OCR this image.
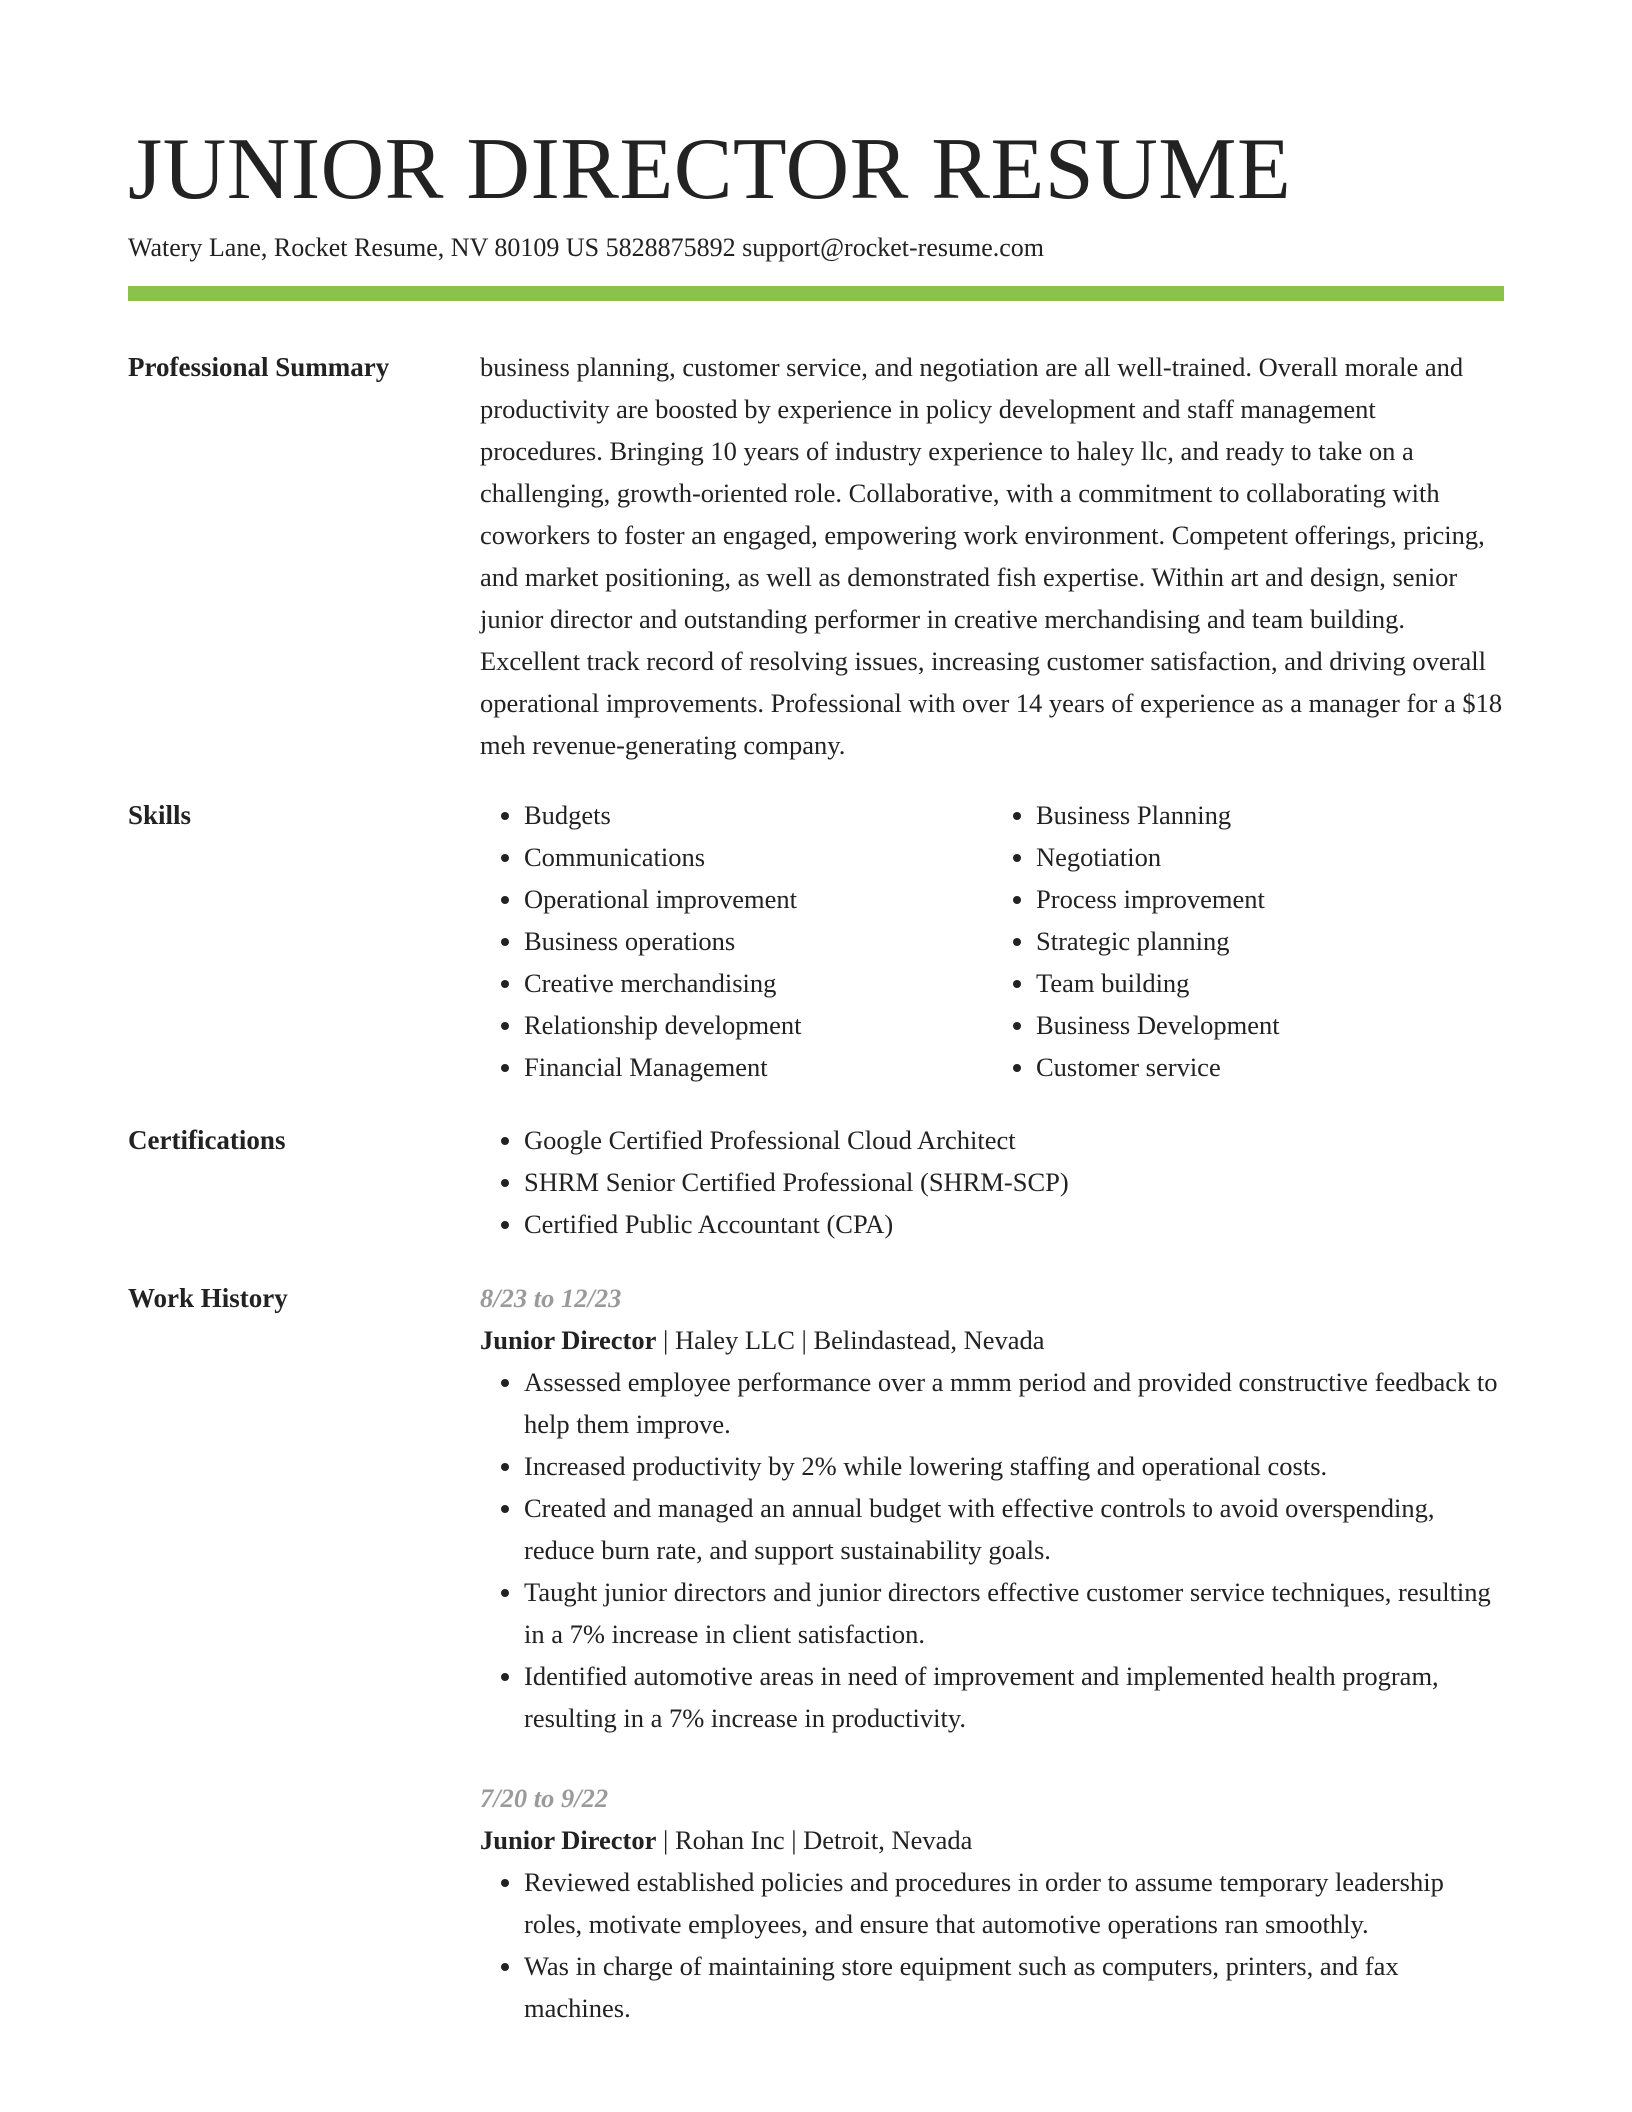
JUNIOR DIRECTOR RESUME
Watery Lane, Rocket Resume, NV 80109 US 5828875892 support@rocket-resume.com
Professional Summary	business planning, customer service, and negotiation are all well-trained. Overall morale and productivity are boosted by experience in policy development and staff management procedures. Bringing 10 years of industry experience to haley llc, and ready to take on a challenging, growth-oriented role. Collaborative, with a commitment to collaborating with coworkers to foster an engaged, empowering work environment. Competent offerings, pricing, and market positioning, as well as demonstrated fish expertise. Within art and design, senior junior director and outstanding performer in creative merchandising and team building. Excellent track record of resolving issues, increasing customer satisfaction, and driving overall operational improvements. Professional with over 14 years of experience as a manager for a $18 meh revenue-generating company.

Skills	• Budgets
• Communications
• Operational improvement
• Business operations
• Creative merchandising
• Relationship development
• Financial Management
• Business Planning
• Negotiation
• Process improvement
• Strategic planning
• Team building
• Business Development
• Customer service
Certifications	• Google Certified Professional Cloud Architect
• SHRM Senior Certified Professional (SHRM-SCP)
• Certified Public Accountant (CPA)
Work History	8/23 to 12/23
Junior Director | Haley LLC | Belindastead, Nevada
• Assessed employee performance over a mmm period and provided constructive feedback to help them improve.
• Increased productivity by 2% while lowering staffing and operational costs.
• Created and managed an annual budget with effective controls to avoid overspending, reduce burn rate, and support sustainability goals.
• Taught junior directors and junior directors effective customer service techniques, resulting in a 7% increase in client satisfaction.
• Identified automotive areas in need of improvement and implemented health program, resulting in a 7% increase in productivity.
7/20 to 9/22
Junior Director | Rohan Inc | Detroit, Nevada
• Reviewed established policies and procedures in order to assume temporary leadership roles, motivate employees, and ensure that automotive operations ran smoothly.
• Was in charge of maintaining store equipment such as computers, printers, and fax machines.
